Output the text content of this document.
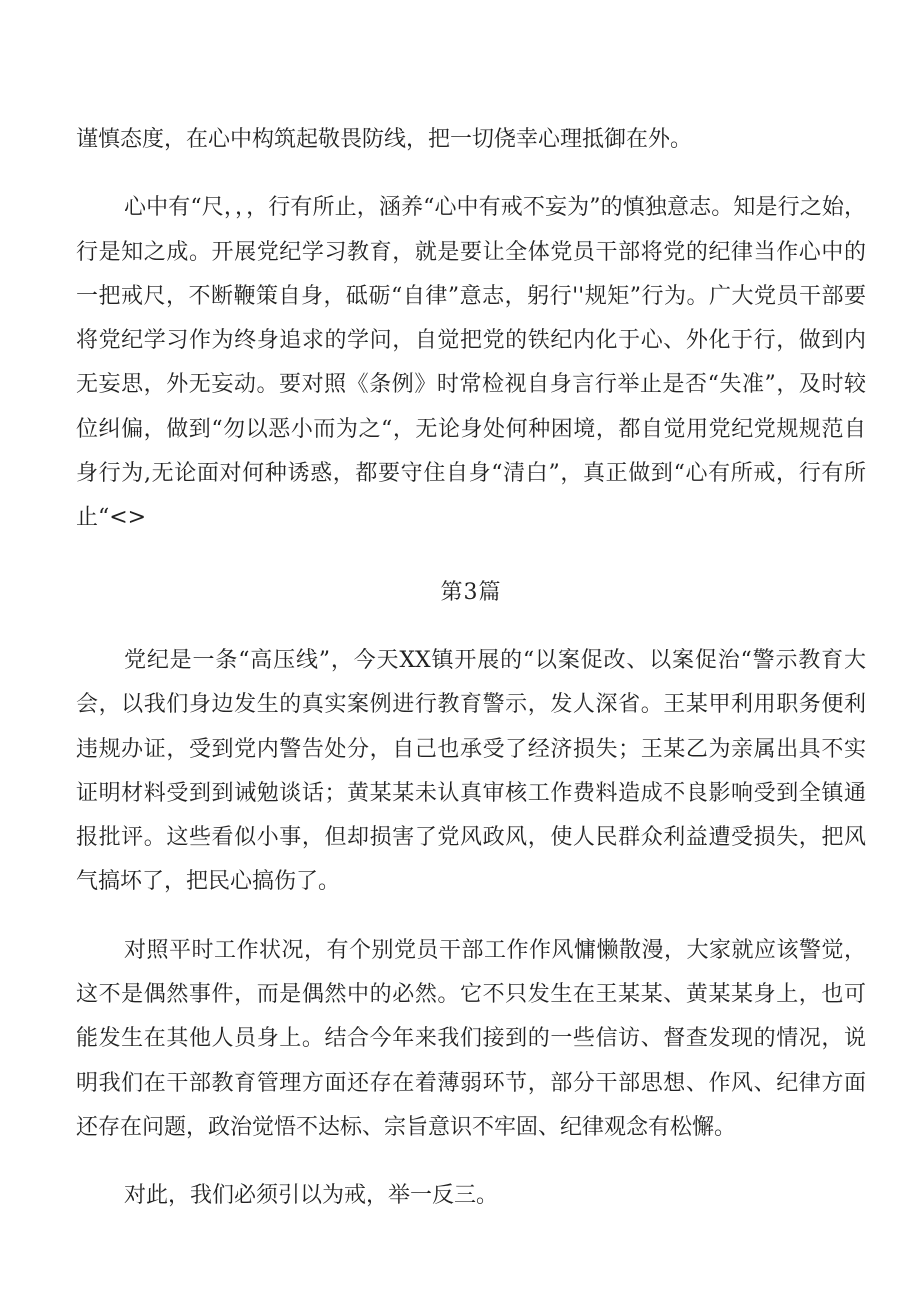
谨慎态度，在心中构筑起敬畏防线，把一切侥幸心理抵御在外。

心中有“尺，，，行有所止，涵养“心中有戒不妄为”的慎独意志。知是行之始，行是知之成。开展党纪学习教育，就是要让全体党员干部将党的纪律当作心中的一把戒尺，不断鞭策自身，砥砺“自律”意志，躬行''规矩”行为。广大党员干部要将党纪学习作为终身追求的学问，自觉把党的铁纪内化于心、外化于行，做到内无妄思，外无妄动。要对照《条例》时常检视自身言行举止是否“失准”，及时较位纠偏，做到“勿以恶小而为之“，无论身处何种困境，都自觉用党纪党规规范自身行为,无论面对何种诱惑，都要守住自身“清白”，真正做到“心有所戒，行有所止“<>

第3篇

党纪是一条“高压线”，今天XX镇开展的“以案促改、以案促治“警示教育大会，以我们身边发生的真实案例进行教育警示，发人深省。王某甲利用职务便利违规办证，受到党内警告处分，自己也承受了经济损失；王某乙为亲属出具不实证明材料受到到诫勉谈话；黄某某未认真审核工作费料造成不良影响受到全镇通报批评。这些看似小事，但却损害了党风政风，使人民群众利益遭受损失，把风气搞坏了，把民心搞伤了。

对照平时工作状况，有个别党员干部工作作风慵懒散漫，大家就应该警觉，这不是偶然事件，而是偶然中的必然。它不只发生在王某某、黄某某身上，也可能发生在其他人员身上。结合今年来我们接到的一些信访、督查发现的情况，说明我们在干部教育管理方面还存在着薄弱环节，部分干部思想、作风、纪律方面还存在问题，政治觉悟不达标、宗旨意识不牢固、纪律观念有松懈。

对此，我们必须引以为戒，举一反三。
